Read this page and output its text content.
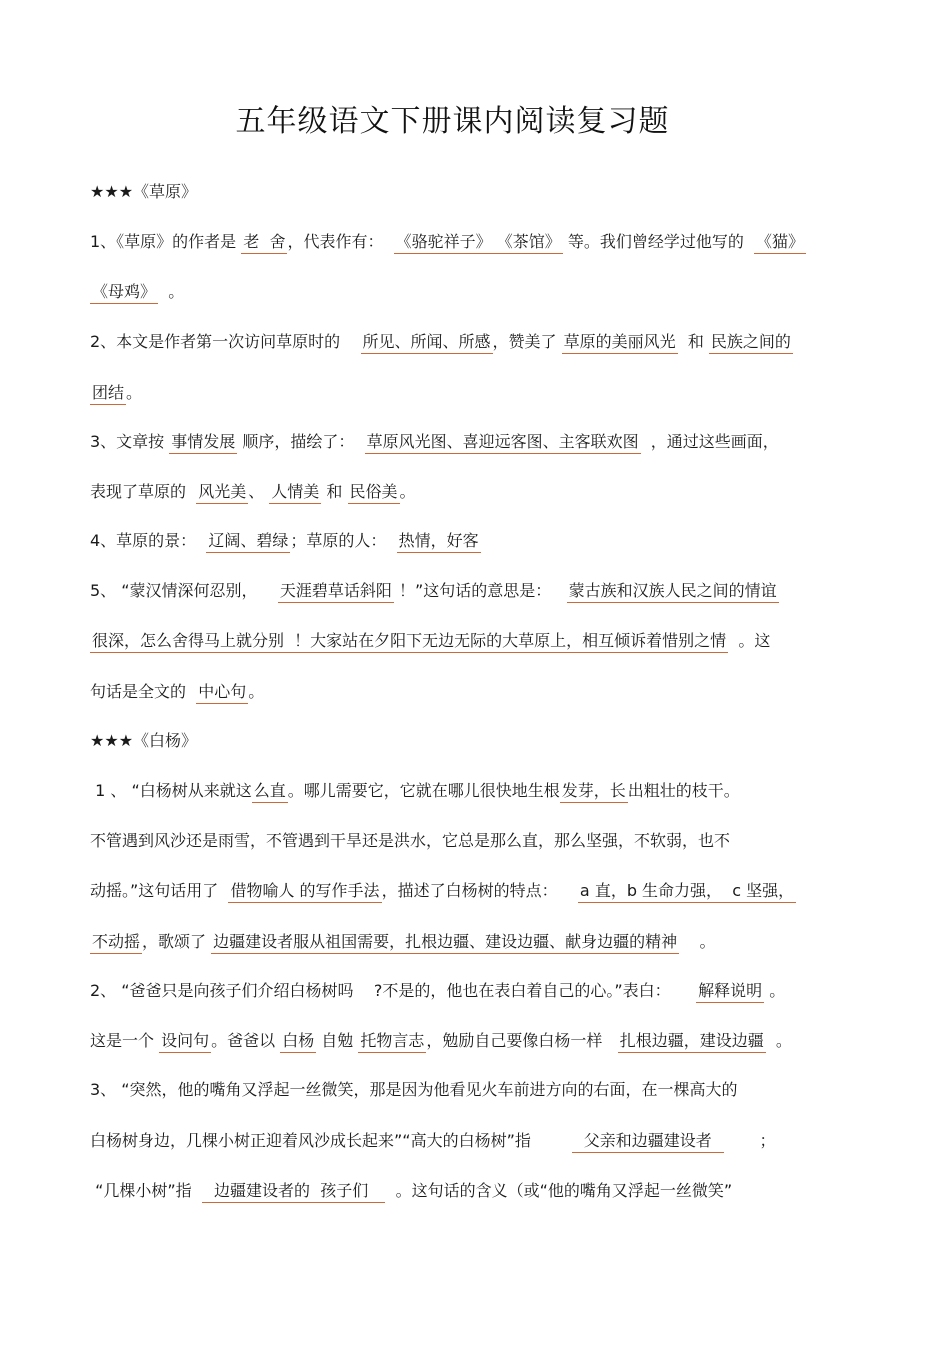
五年级语文下册课内阅读复习题
★★★《草原》
1、《草原》的作者是 老  舍 ，代表作有：  《骆驼祥子》 《茶馆》 等。我们曾经学过他写的  《猫》
《母鸡》  。
2、本文是作者第一次访问草原时的    所见、所闻、所感 ，赞美了 草原的美丽风光  和 民族之间的
团结 。
3、文章按 事情发展 顺序，描绘了：  草原风光图、喜迎远客图、主客联欢图  ，通过这些画面，
表现了草原的  风光美 、 人情美 和 民俗美 。
4、草原的景：  辽阔、碧绿 ；草原的人：  热情，好客
5、 “蒙汉情深何忍别，    天涯碧草话斜阳 ！”这句话的意思是：   蒙古族和汉族人民之间的情谊
很深，怎么舍得马上就分别  ！大家站在夕阳下无边无际的大草原上，相互倾诉着惜别之情  。这
句话是全文的  中心句 。
★★★《白杨》
1 、 “白杨树从来就这 么直 。哪儿需要它，它就在哪儿很快地生根 发芽，长 出粗壮的枝干。
不管遇到风沙还是雨雪，不管遇到干旱还是洪水，它总是那么直，那么坚强，不软弱，也不
动摇。”这句话用了  借物喻人 的写作手法 ，描述了白杨树的特点：    a 直，b 生命力强，  c 坚强，
不动摇 ，歌颂了 边疆建设者服从祖国需要，扎根边疆、建设边疆、献身边疆的精神    。
2、 “爸爸只是向孩子们介绍白杨树吗    ?不是的，他也在表白着自己的心。”表白：     解释说明 。
这是一个 设问句 。爸爸以 白杨 自勉 托物言志 ，勉励自己要像白杨一样   扎根边疆，建设边疆  。
3、 “突然，他的嘴角又浮起一丝微笑，那是因为他看见火车前进方向的右面，在一棵高大的
白杨树身边，几棵小树正迎着风沙成长起来”“高大的白杨树”指          父亲和边疆建设者         ；
“几棵小树”指    边疆建设者的  孩子们     。这句话的含义（或“他的嘴角又浮起一丝微笑”
